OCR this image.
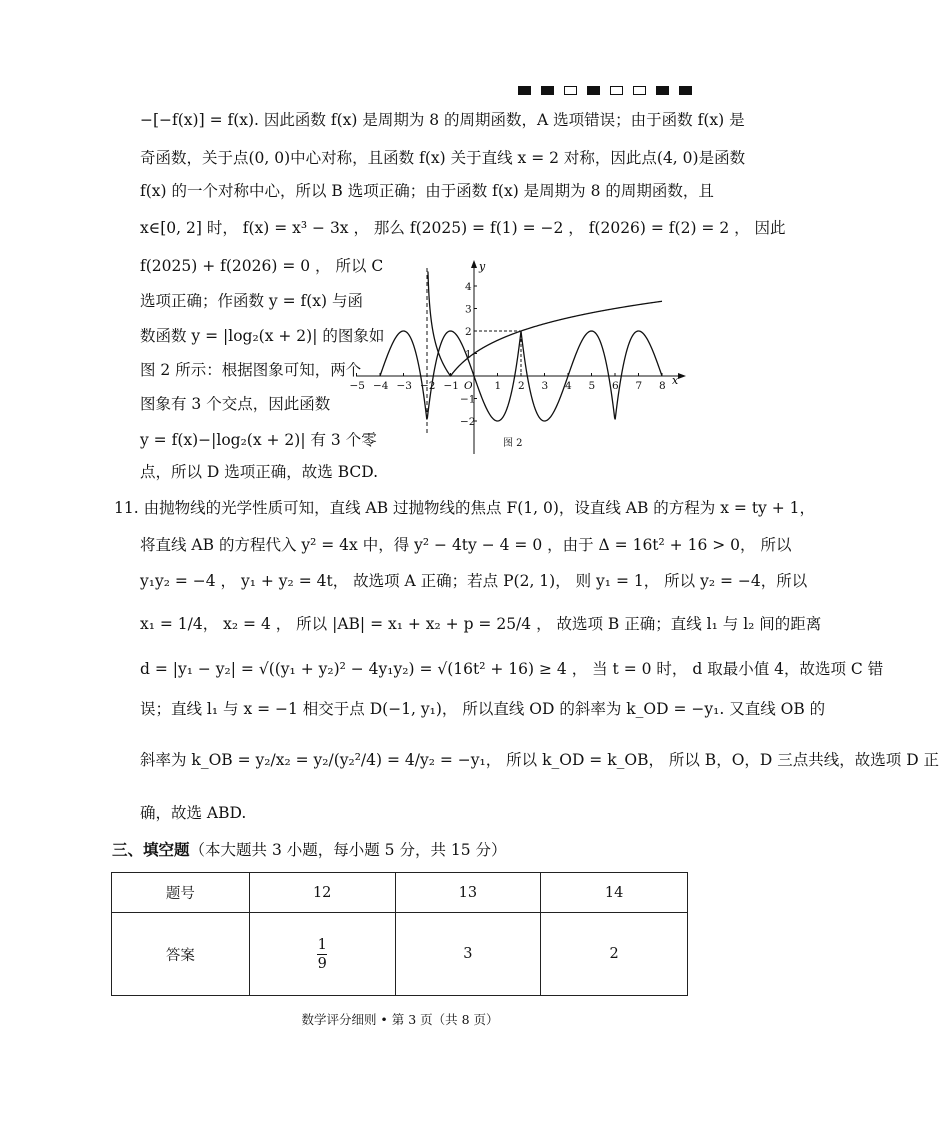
−[−f(x)] = f(x). 因此函数 f(x) 是周期为 8 的周期函数，A 选项错误；由于函数 f(x) 是
奇函数，关于点(0, 0)中心对称，且函数 f(x) 关于直线 x = 2 对称，因此点(4, 0)是函数
f(x) 的一个对称中心，所以 B 选项正确；由于函数 f(x) 是周期为 8 的周期函数，且
x∈[0, 2] 时， f(x) = x³ − 3x ， 那么 f(2025) = f(1) = −2 ， f(2026) = f(2) = 2 ， 因此
f(2025) + f(2026) = 0 ， 所以 C
选项正确；作函数 y = f(x) 与函
数函数 y = |log₂(x + 2)| 的图象如
图 2 所示：根据图象可知，两个
图象有 3 个交点，因此函数
y = f(x)−|log₂(x + 2)| 有 3 个零
点，所以 D 选项正确，故选 BCD.
11. 由抛物线的光学性质可知，直线 AB 过抛物线的焦点 F(1, 0)，设直线 AB 的方程为 x = ty + 1，
将直线 AB 的方程代入 y² = 4x 中，得 y² − 4ty − 4 = 0 ，由于 Δ = 16t² + 16 > 0， 所以
y₁y₂ = −4 ， y₁ + y₂ = 4t， 故选项 A 正确；若点 P(2, 1)， 则 y₁ = 1， 所以 y₂ = −4，所以
x₁ = 1/4， x₂ = 4 ， 所以 |AB| = x₁ + x₂ + p = 25/4 ， 故选项 B 正确；直线 l₁ 与 l₂ 间的距离
d = |y₁ − y₂| = √((y₁ + y₂)² − 4y₁y₂) = √(16t² + 16) ≥ 4 ， 当 t = 0 时， d 取最小值 4，故选项 C 错
误；直线 l₁ 与 x = −1 相交于点 D(−1, y₁)， 所以直线 OD 的斜率为 k_OD = −y₁. 又直线 OB 的
斜率为 k_OB = y₂/x₂ = y₂/(y₂²/4) = 4/y₂ = −y₁， 所以 k_OD = k_OB， 所以 B，O，D 三点共线，故选项 D 正
确，故选 ABD.
−5 −4 −3 −2 −1	1 2 3 4 5 6 7 8
4
3
2
1
−1
−2
y
x
O
图 2
三、填空题（本大题共 3 小题，每小题 5 分，共 15 分）
题号	12	13	14
答案	$\frac{1}{9}$	3	2
数学评分细则 • 第 3 页（共 8 页）
